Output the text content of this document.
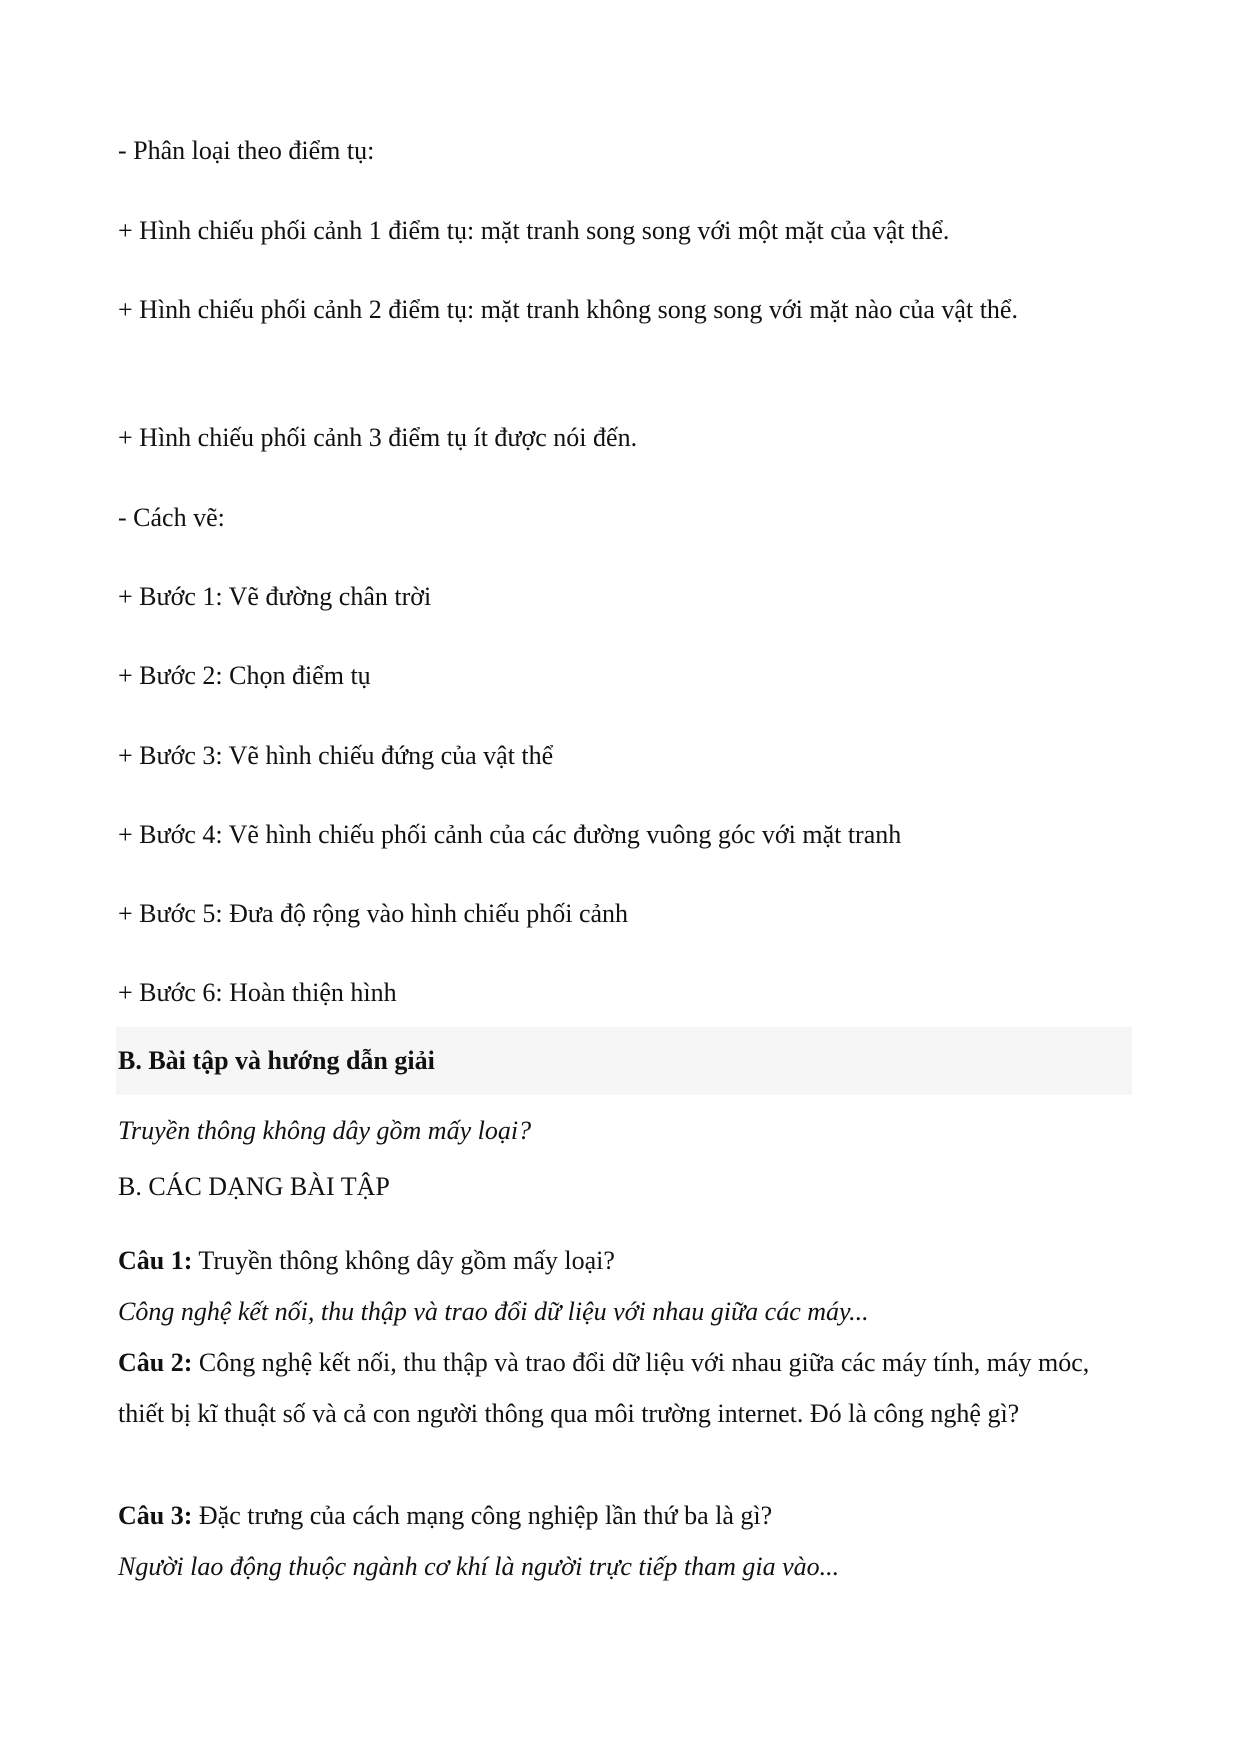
- Phân loại theo điểm tụ:

+ Hình chiếu phối cảnh 1 điểm tụ: mặt tranh song song với một mặt của vật thể.

+ Hình chiếu phối cảnh 2 điểm tụ: mặt tranh không song song với mặt nào của vật thể.

+ Hình chiếu phối cảnh 3 điểm tụ ít được nói đến.

- Cách vẽ:

+ Bước 1: Vẽ đường chân trời

+ Bước 2: Chọn điểm tụ

+ Bước 3: Vẽ hình chiếu đứng của vật thể

+ Bước 4: Vẽ hình chiếu phối cảnh của các đường vuông góc với mặt tranh

+ Bước 5: Đưa độ rộng vào hình chiếu phối cảnh

+ Bước 6: Hoàn thiện hình

B. Bài tập và hướng dẫn giải

Truyền thông không dây gồm mấy loại?

B. CÁC DẠNG BÀI TẬP

Câu 1: Truyền thông không dây gồm mấy loại?

Công nghệ kết nối, thu thập và trao đổi dữ liệu với nhau giữa các máy...

Câu 2: Công nghệ kết nối, thu thập và trao đổi dữ liệu với nhau giữa các máy tính, máy móc, thiết bị kĩ thuật số và cả con người thông qua môi trường internet. Đó là công nghệ gì?

Câu 3: Đặc trưng của cách mạng công nghiệp lần thứ ba là gì?

Người lao động thuộc ngành cơ khí là người trực tiếp tham gia vào...
